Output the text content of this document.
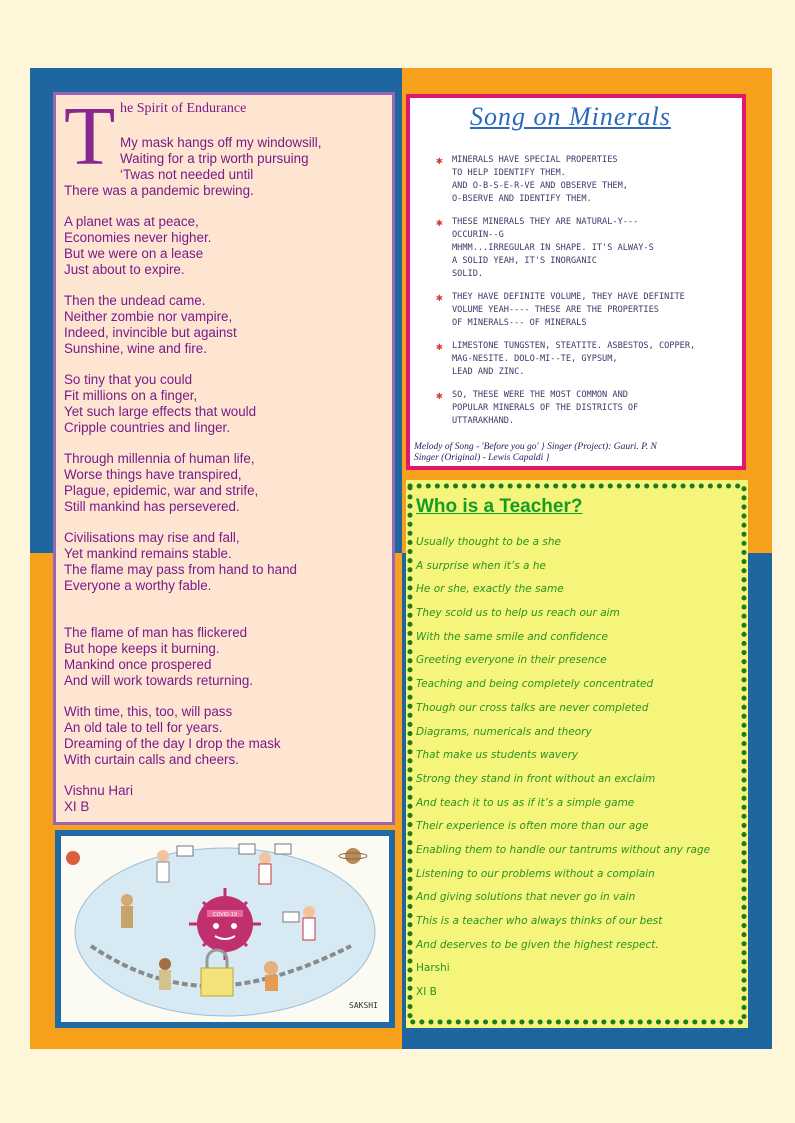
T he Spirit of Endurance
My mask hangs off my windowsill,
Waiting for a trip worth pursuing
‘Twas not needed until
There was a pandemic brewing.
A planet was at peace,
Economies never higher.
But we were on a lease
Just about to expire.
Then the undead came.
Neither zombie nor vampire,
Indeed, invincible but against
Sunshine, wine and fire.
So tiny that you could
Fit millions on a finger,
Yet such large effects that would
Cripple countries and linger.
Through millennia of human life,
Worse things have transpired,
Plague, epidemic, war and strife,
Still mankind has persevered.
Civilisations may rise and fall,
Yet mankind remains stable.
The flame may pass from hand to hand
Everyone a worthy fable.
The flame of man has flickered
But hope keeps it burning.
Mankind once prospered
And will work towards returning.
With time, this, too, will pass
An old tale to tell for years.
Dreaming of the day I drop the mask
With curtain calls and cheers.
Vishnu Hari
XI B
Song on Minerals
✱ MINERALS HAVE SPECIAL PROPERTIES
TO HELP IDENTIFY THEM.
AND O-B-S-E-R-VE AND OBSERVE THEM,
O-BSERVE AND IDENTIFY THEM.
✱ THESE MINERALS THEY ARE NATURAL-Y---
OCCURIN--G
MHMM...IRREGULAR IN SHAPE. IT'S ALWAY-S
A SOLID YEAH, IT'S INORGANIC
SOLID.
✱ THEY HAVE DEFINITE VOLUME, THEY HAVE DEFINITE
VOLUME YEAH---- THESE ARE THE PROPERTIES
OF MINERALS--- OF MINERALS
✱ LIMESTONE TUNGSTEN, STEATITE. ASBESTOS, COPPER,
MAG-NESITE. DOLO-MI--TE, GYPSUM,
LEAD AND ZINC.
✱ SO, THESE WERE THE MOST COMMON AND
POPULAR MINERALS OF THE DISTRICTS OF
UTTARAKHAND.
Melody of Song - 'Before you go' } Singer (Project): Gauri. P. N
Singer (Original) - Lewis Capaldi }
Who is a Teacher?
Usually thought to be a she
A surprise when it’s a he
He or she, exactly the same
They scold us to help us reach our aim
With the same smile and confidence
Greeting everyone in their presence
Teaching and being completely concentrated
Though our cross talks are never completed
Diagrams, numericals and theory
That make us students wavery
Strong they stand in front without an exclaim
And teach it to us as if it’s a simple game
Their experience is often more than our age
Enabling them to handle our tantrums without any rage
Listening to our problems without a complain
And giving solutions that never go in vain
This is a teacher who always thinks of our best
And deserves to be given the highest respect.
Harshi
XI B
COVID-19
SAKSHI
